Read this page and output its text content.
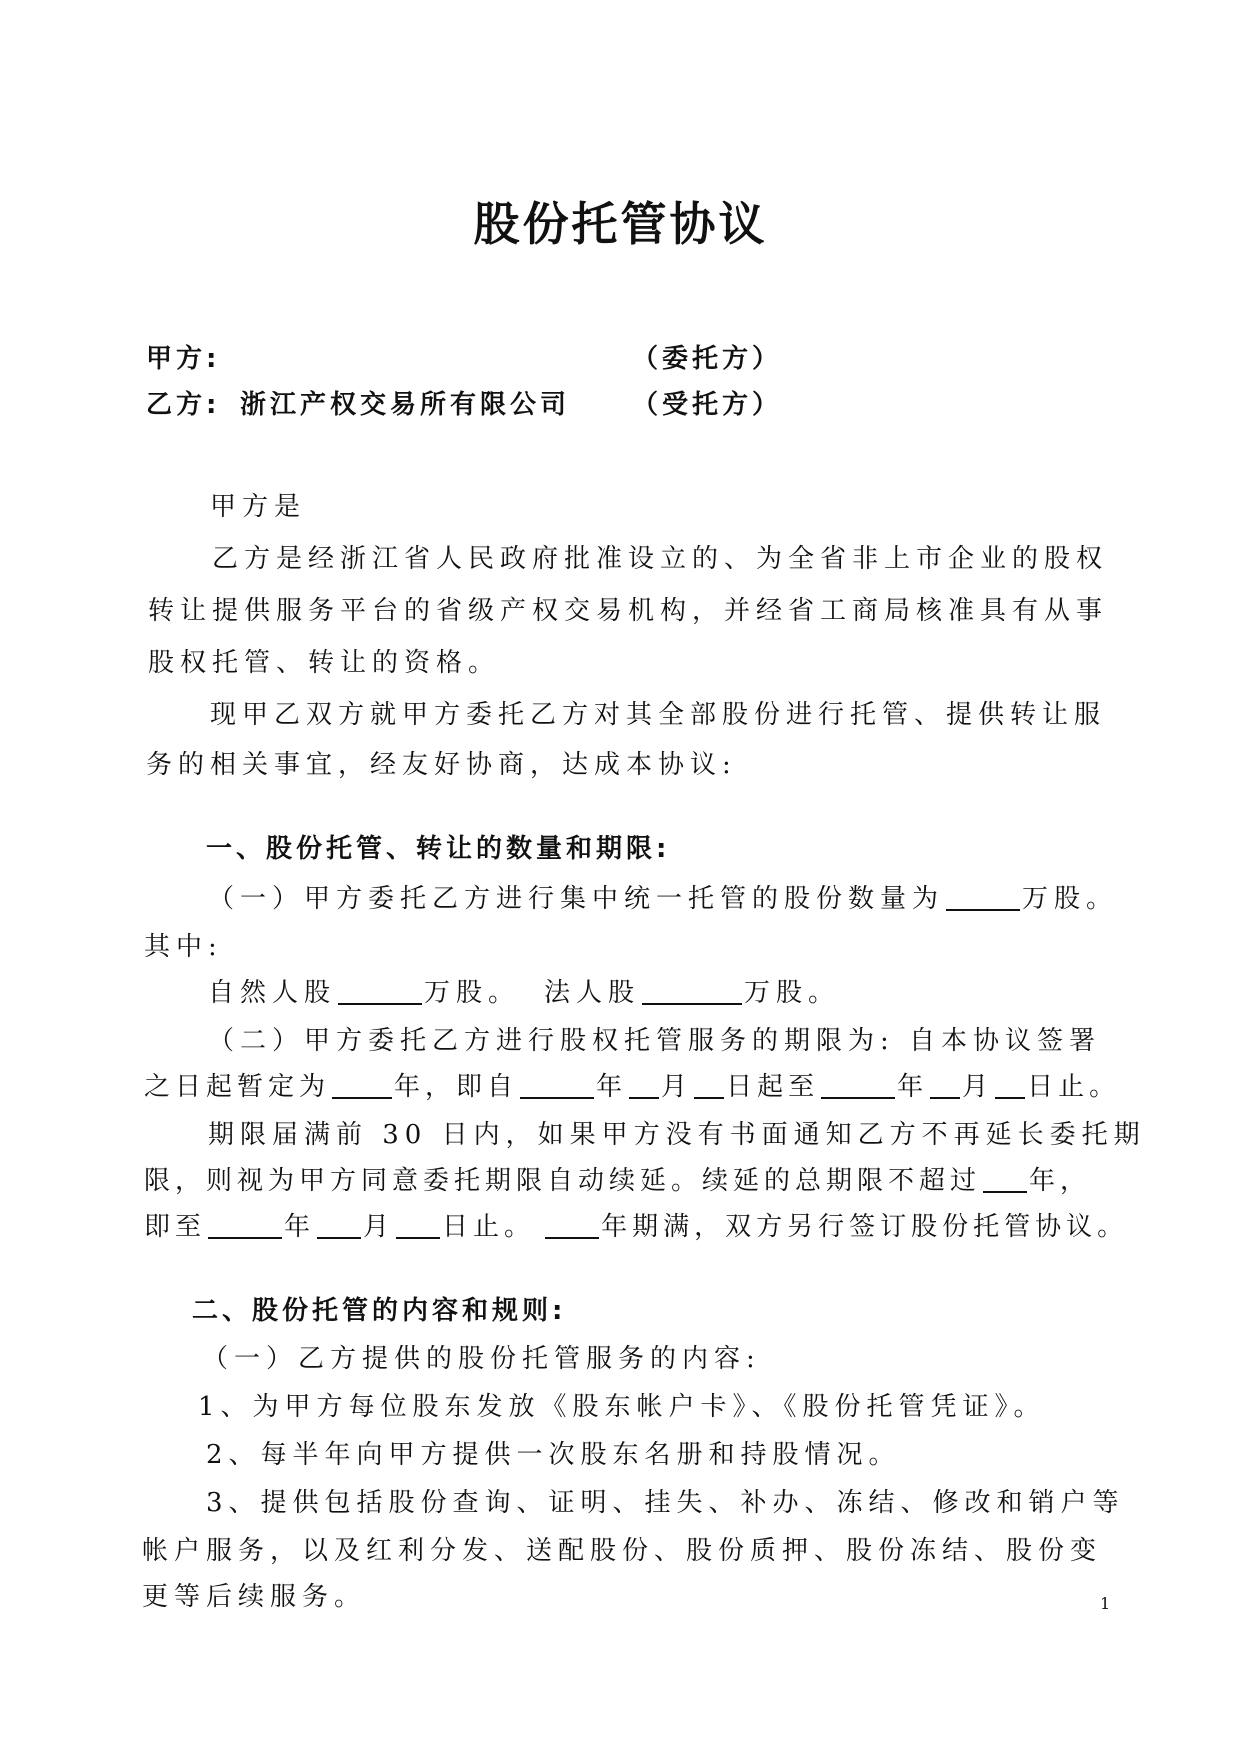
股份托管协议
甲方:	（委托方）
乙方: 浙江产权交易所有限公司 （受托方）
甲方是
乙方是经浙江省人民政府批准设立的、为全省非上市企业的股权
转让提供服务平台的省级产权交易机构，并经省工商局核准具有从事
股权托管、转让的资格。
现甲乙双方就甲方委托乙方对其全部股份进行托管、提供转让服
务的相关事宜，经友好协商，达成本协议:
一、股份托管、转让的数量和期限:
（一）甲方委托乙方进行集中统一托管的股份数量为	万股。
其中:
自然人股	万股。 法人股	万股。
（二）甲方委托乙方进行股权托管服务的期限为: 自本协议签署
之日起暂定为 年，即自	年 月 日起至	年 月 日止。
期限届满前 30 日内，如果甲方没有书面通知乙方不再延长委托期
限，则视为甲方同意委托期限自动续延。续延的总期限不超过 年，
即至	年 月 日止。	年期满，双方另行签订股份托管协议。
二、股份托管的内容和规则:
（一）乙方提供的股份托管服务的内容:
1、为甲方每位股东发放《股东帐户卡》、《股份托管凭证》。
2、每半年向甲方提供一次股东名册和持股情况。
3、提供包括股份查询、证明、挂失、补办、冻结、修改和销户等
帐户服务，以及红利分发、送配股份、股份质押、股份冻结、股份变
更等后续服务。	1
